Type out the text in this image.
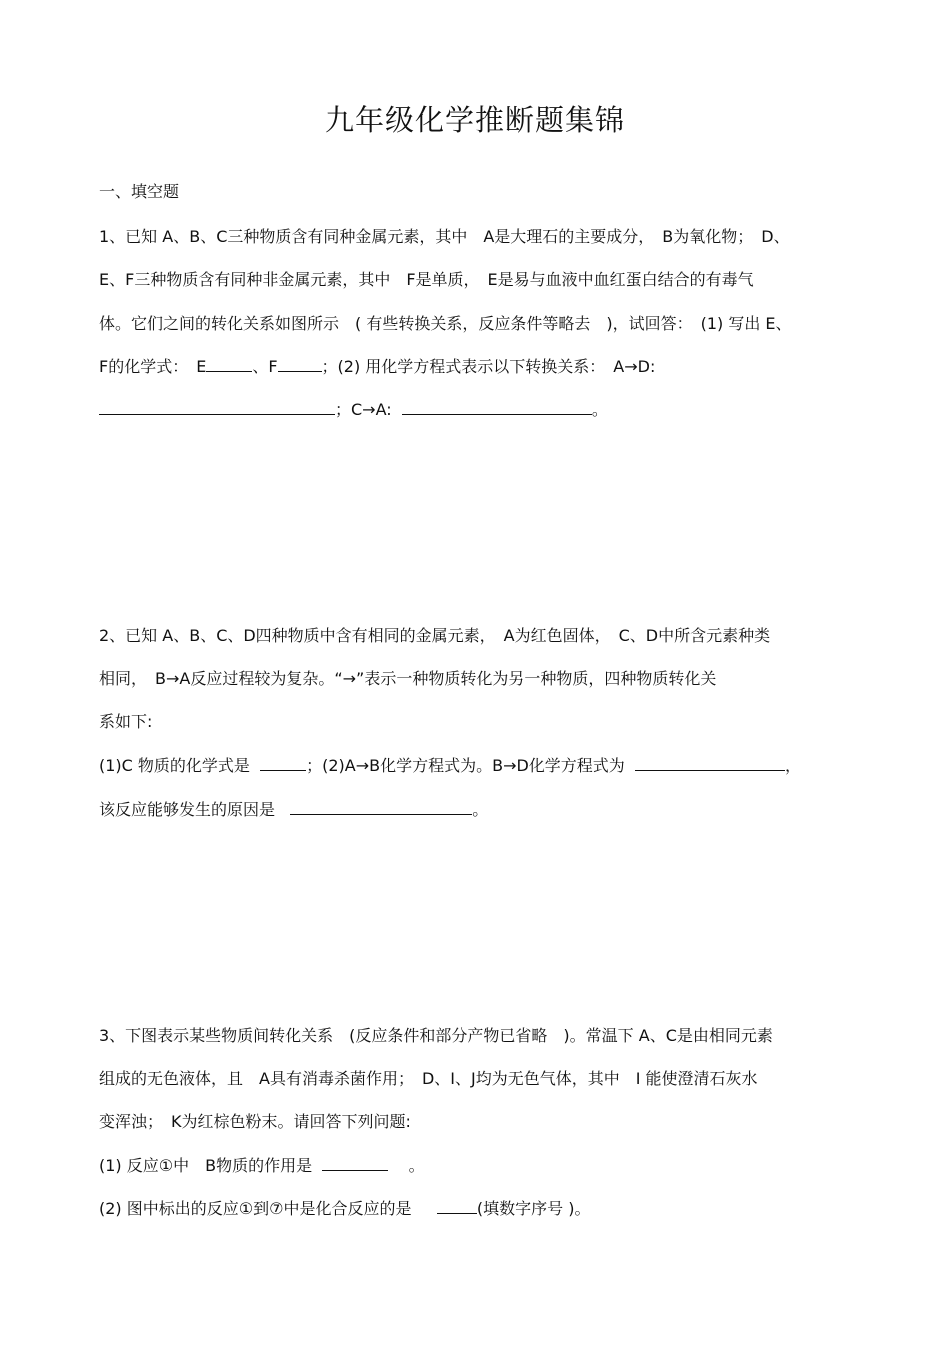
九年级化学推断题集锦
一、填空题
1、已知 A、B、C三种物质含有同种金属元素，其中　A是大理石的主要成分，　B为氧化物；　D、
E、F三种物质含有同种非金属元素，其中　F是单质，　E是易与血液中血红蛋白结合的有毒气
体。它们之间的转化关系如图所示　( 有些转换关系，反应条件等略去　)，试回答：　(1) 写出 E、
F的化学式：　E	、F	；(2) 用化学方程式表示以下转换关系：　A→D:
；C→A:	。
2、已知 A、B、C、D四种物质中含有相同的金属元素，　A为红色固体，　C、D中所含元素种类
相同，　B→A反应过程较为复杂。“→”表示一种物质转化为另一种物质，四种物质转化关
系如下:
(1)C 物质的化学式是	；(2)A→B化学方程式为。B→D化学方程式为	，
该反应能够发生的原因是	。
3、下图表示某些物质间转化关系　(反应条件和部分产物已省略　)。常温下 A、C是由相同元素
组成的无色液体，且　A具有消毒杀菌作用；　D、I、J均为无色气体，其中　I 能使澄清石灰水
变浑浊；　K为红棕色粉末。请回答下列问题:
(1) 反应①中　B物质的作用是	。
(2) 图中标出的反应①到⑦中是化合反应的是	(填数字序号 )。
